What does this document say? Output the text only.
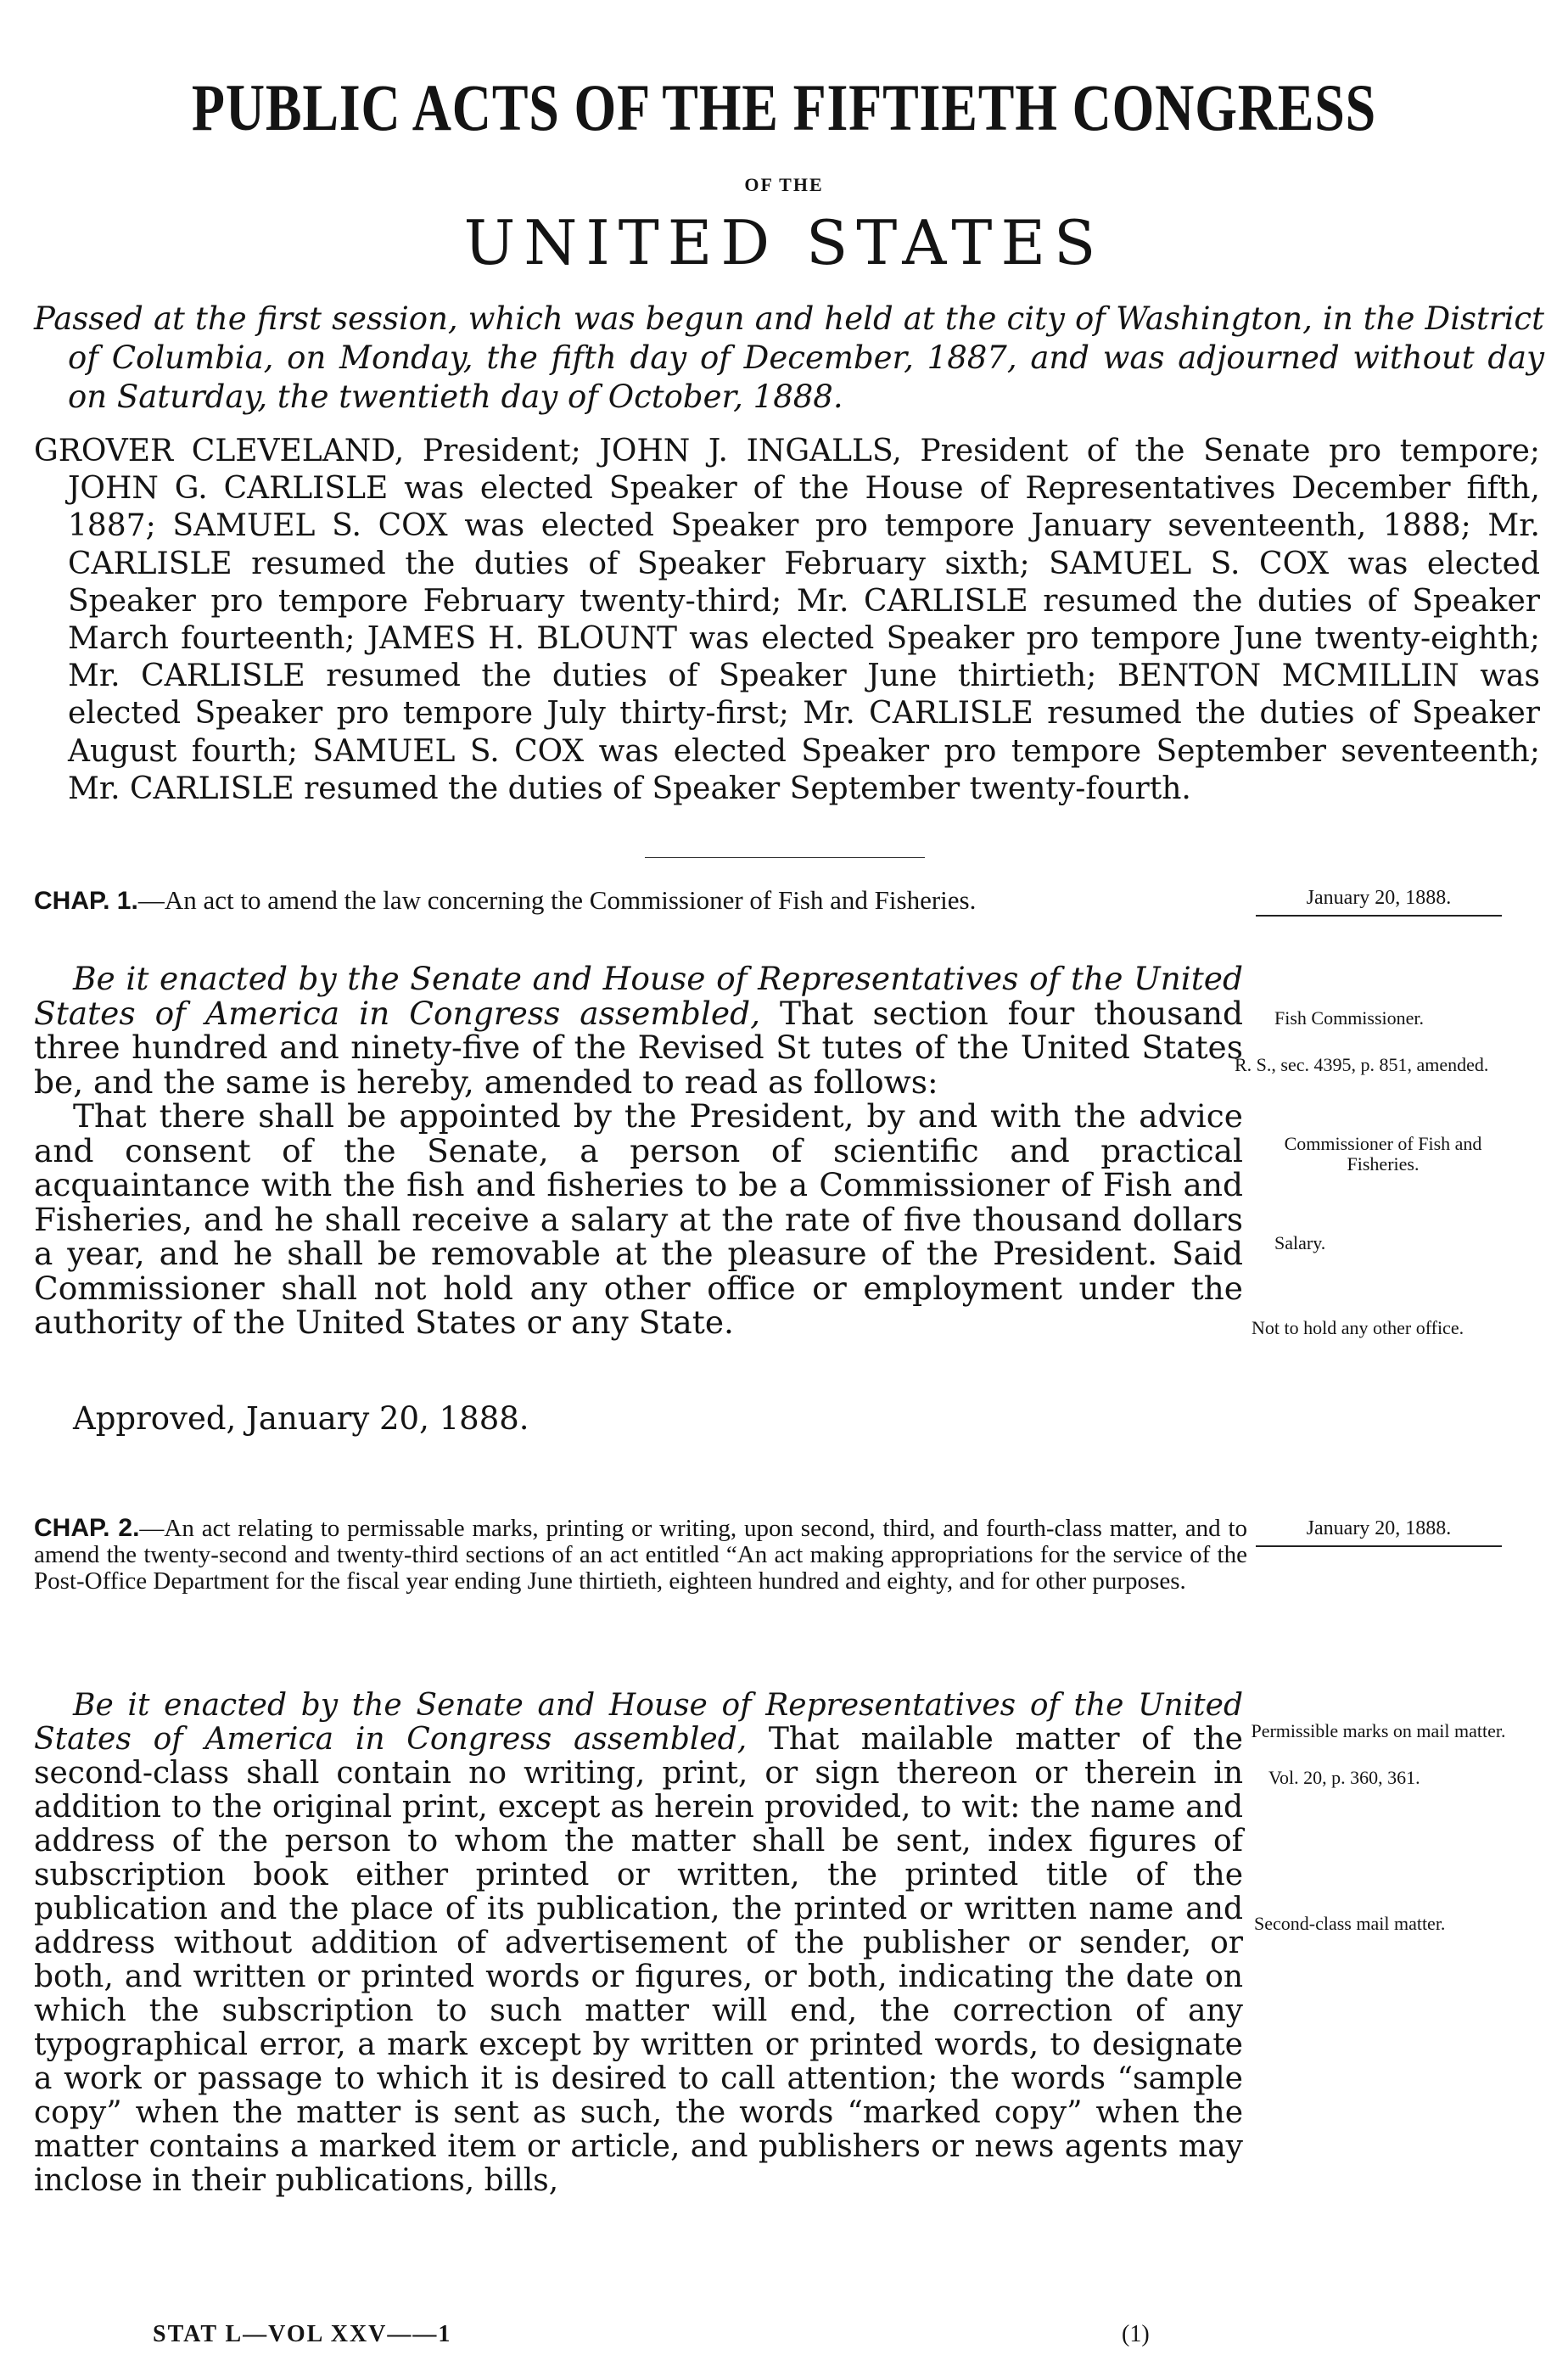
PUBLIC ACTS OF THE FIFTIETH CONGRESS
OF THE
UNITED STATES
Passed at the first session, which was begun and held at the city of Washington, in the District of Columbia, on Monday, the fifth day of December, 1887, and was adjourned without day on Saturday, the twentieth day of October, 1888.
GROVER CLEVELAND, President; JOHN J. INGALLS, President of the Senate pro tempore; JOHN G. CARLISLE was elected Speaker of the House of Representatives December fifth, 1887; SAMUEL S. COX was elected Speaker pro tempore January seventeenth, 1888; Mr. CARLISLE resumed the duties of Speaker February sixth; SAMUEL S. COX was elected Speaker pro tempore February twenty-third; Mr. CARLISLE resumed the duties of Speaker March fourteenth; JAMES H. BLOUNT was elected Speaker pro tempore June twenty-eighth; Mr. CARLISLE resumed the duties of Speaker June thirtieth; BENTON MCMILLIN was elected Speaker pro tempore July thirty-first; Mr. CARLISLE resumed the duties of Speaker August fourth; SAMUEL S. COX was elected Speaker pro tempore September seventeenth; Mr. CARLISLE resumed the duties of Speaker September twenty-fourth.
CHAP. 1.—An act to amend the law concerning the Commissioner of Fish and Fisheries.	January 20, 1888.

Be it enacted by the Senate and House of Representatives of the United States of America in Congress assembled, That section four thousand three hundred and ninety-five of the Revised St tutes of the United States be, and the same is hereby, amended to read as follows:

That there shall be appointed by the President, by and with the advice and consent of the Senate, a person of scientific and practical acquaintance with the fish and fisheries to be a Commissioner of Fish and Fisheries, and he shall receive a salary at the rate of five thousand dollars a year, and he shall be removable at the pleasure of the President. Said Commissioner shall not hold any other office or employment under the authority of the United States or any State.

Approved, January 20, 1888.
Fish Commissioner.
R. S., sec. 4395, p. 851, amended.
Commissioner of Fish and Fisheries.
Salary.
Not to hold any other office.
CHAP. 2.—An act relating to permissable marks, printing or writing, upon second, third, and fourth-class matter, and to amend the twenty-second and twenty-third sections of an act entitled “An act making appropriations for the service of the Post-Office Department for the fiscal year ending June thirtieth, eighteen hundred and eighty, and for other purposes.
January 20, 1888.

Be it enacted by the Senate and House of Representatives of the United States of America in Congress assembled, That mailable matter of the second-class shall contain no writing, print, or sign thereon or therein in addition to the original print, except as herein provided, to wit: the name and address of the person to whom the matter shall be sent, index figures of subscription book either printed or written, the printed title of the publication and the place of its publication, the printed or written name and address without addition of advertisement of the publisher or sender, or both, and written or printed words or figures, or both, indicating the date on which the subscription to such matter will end, the correction of any typographical error, a mark except by written or printed words, to designate a work or passage to which it is desired to call attention; the words “sample copy” when the matter is sent as such, the words “marked copy” when the matter contains a marked item or article, and publishers or news agents may inclose in their publications, bills,

Permissible marks on mail matter.
Vol. 20, p. 360, 361.
Second-class mail matter.
STAT L—VOL XXV——1	(1)
